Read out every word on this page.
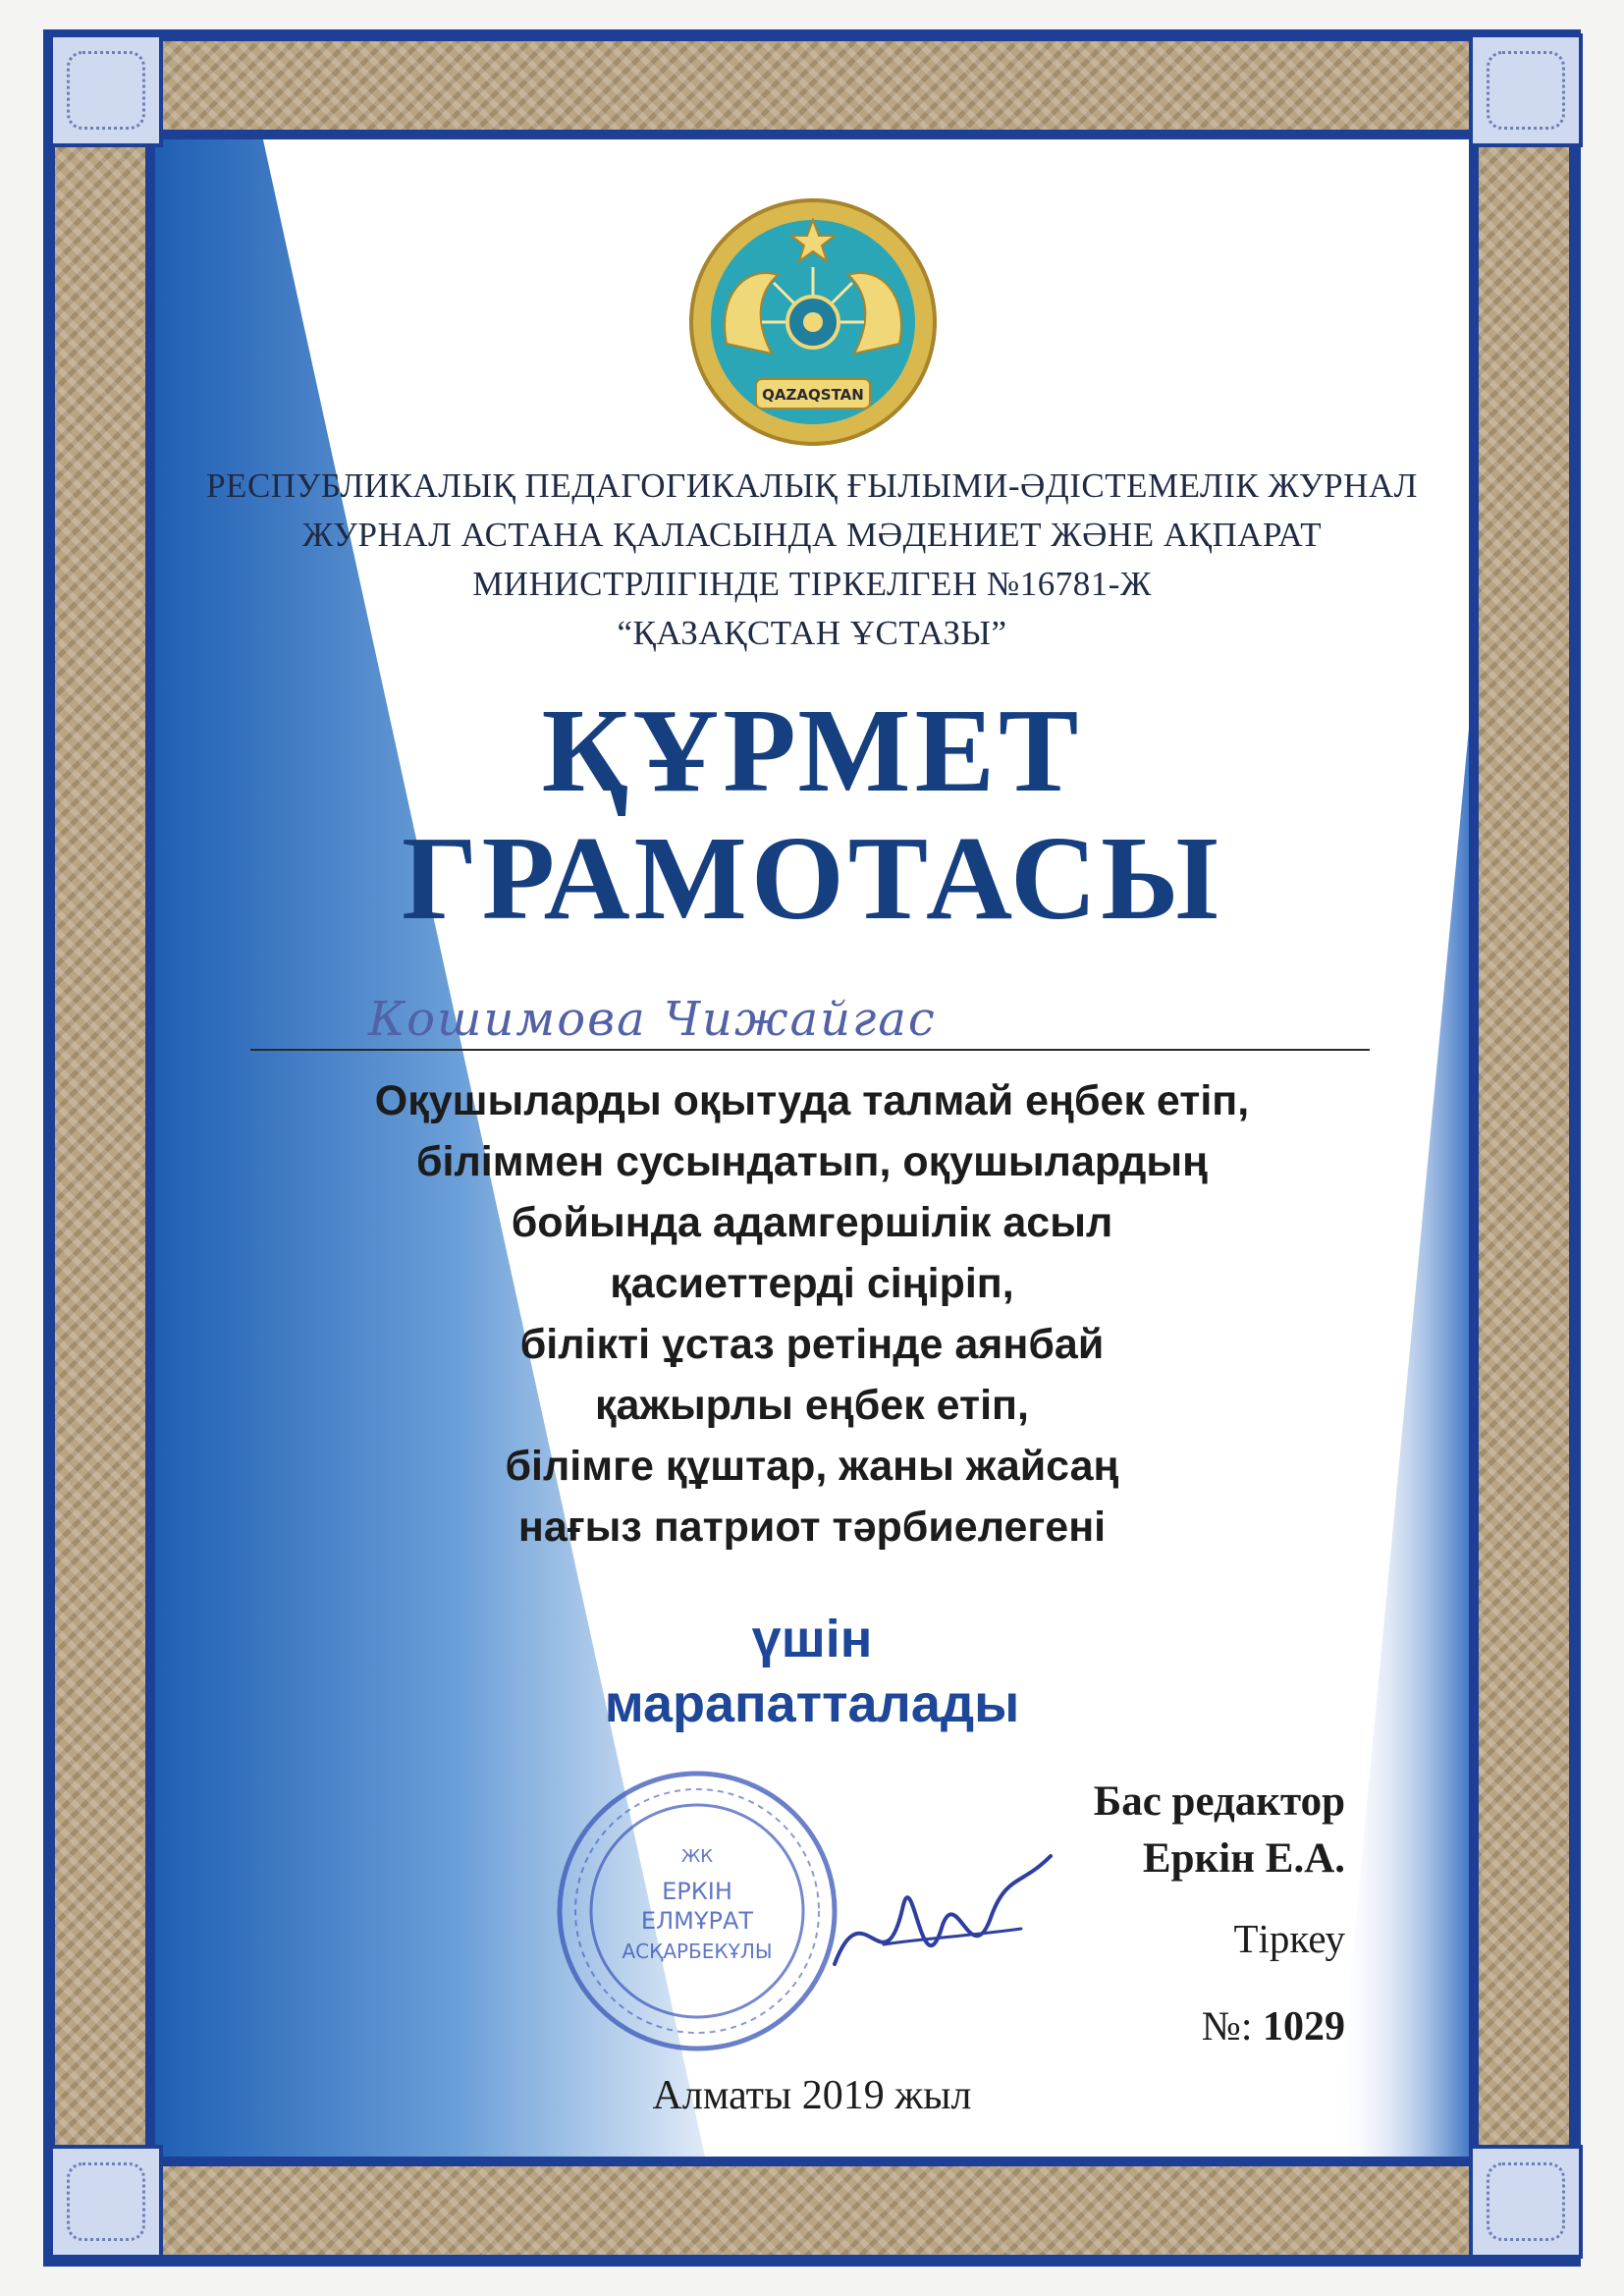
QAZAQSTAN
РЕСПУБЛИКАЛЫҚ ПЕДАГОГИКАЛЫҚ ҒЫЛЫМИ-ӘДІСТЕМЕЛІК ЖУРНАЛ
ЖУРНАЛ АСТАНА ҚАЛАСЫНДА МӘДЕНИЕТ ЖӘНЕ АҚПАРАТ
МИНИСТРЛІГІНДЕ ТІРКЕЛГЕН №16781-Ж
“ҚАЗАҚСТАН ҰСТАЗЫ”
ҚҰРМЕТ
ГРАМОТАСЫ
Кошимова Чижайгас
Оқушыларды оқытуда талмай еңбек етіп,
біліммен сусындатып, оқушылардың
бойында адамгершілік асыл
қасиеттерді сіңіріп,
білікті ұстаз ретінде аянбай
қажырлы еңбек етіп,
білімге құштар, жаны жайсаң
нағыз патриот тәрбиелегені
үшін
марапатталады
Бас редактор
Еркін Е.А.
Тіркеу
№: 1029
ЖК
ЕРКІН
ЕЛМҰРАТ
АСҚАРБЕКҰЛЫ
Алматы 2019 жыл
